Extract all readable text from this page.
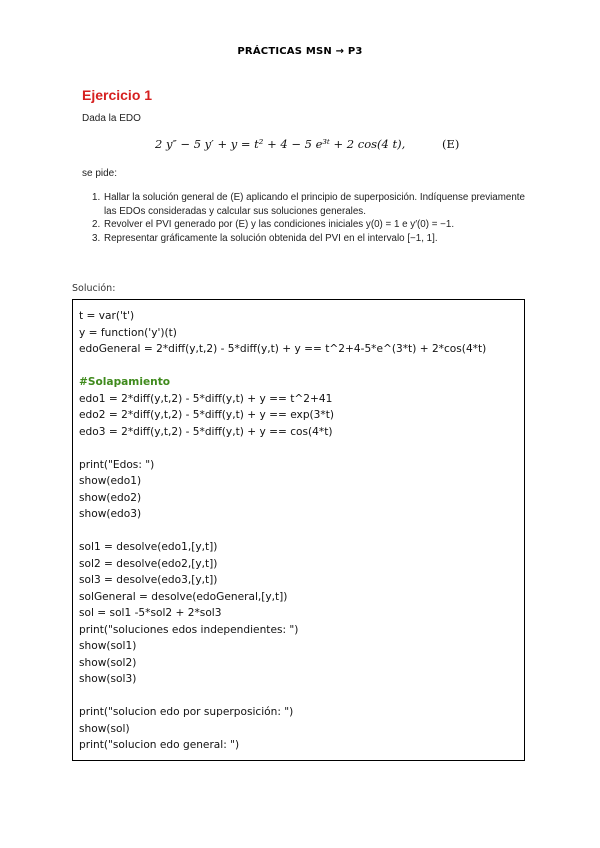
PRÁCTICAS MSN → P3
Ejercicio 1
Dada la EDO
2 y″ − 5 y′ + y = t² + 4 − 5 e³ᵗ + 2 cos(4 t),	(E)
se pide:
1. Hallar la solución general de (E) aplicando el principio de superposición. Indíquense previamente las EDOs consideradas y calcular sus soluciones generales.
2. Revolver el PVI generado por (E) y las condiciones iniciales y(0) = 1 e y′(0) = −1.
3. Representar gráficamente la solución obtenida del PVI en el intervalo [−1, 1].
Solución:
t = var('t')
y = function('y')(t)
edoGeneral = 2*diff(y,t,2) - 5*diff(y,t) + y == t^2+4-5*e^(3*t) + 2*cos(4*t)
#Solapamiento
edo1 = 2*diff(y,t,2) - 5*diff(y,t) + y == t^2+41
edo2 = 2*diff(y,t,2) - 5*diff(y,t) + y == exp(3*t)
edo3 = 2*diff(y,t,2) - 5*diff(y,t) + y == cos(4*t)
print("Edos: ")
show(edo1)
show(edo2)
show(edo3)
sol1 = desolve(edo1,[y,t])
sol2 = desolve(edo2,[y,t])
sol3 = desolve(edo3,[y,t])
solGeneral = desolve(edoGeneral,[y,t])
sol = sol1 -5*sol2 + 2*sol3
print("soluciones edos independientes: ")
show(sol1)
show(sol2)
show(sol3)
print("solucion edo por superposición: ")
show(sol)
print("solucion edo general: ")
